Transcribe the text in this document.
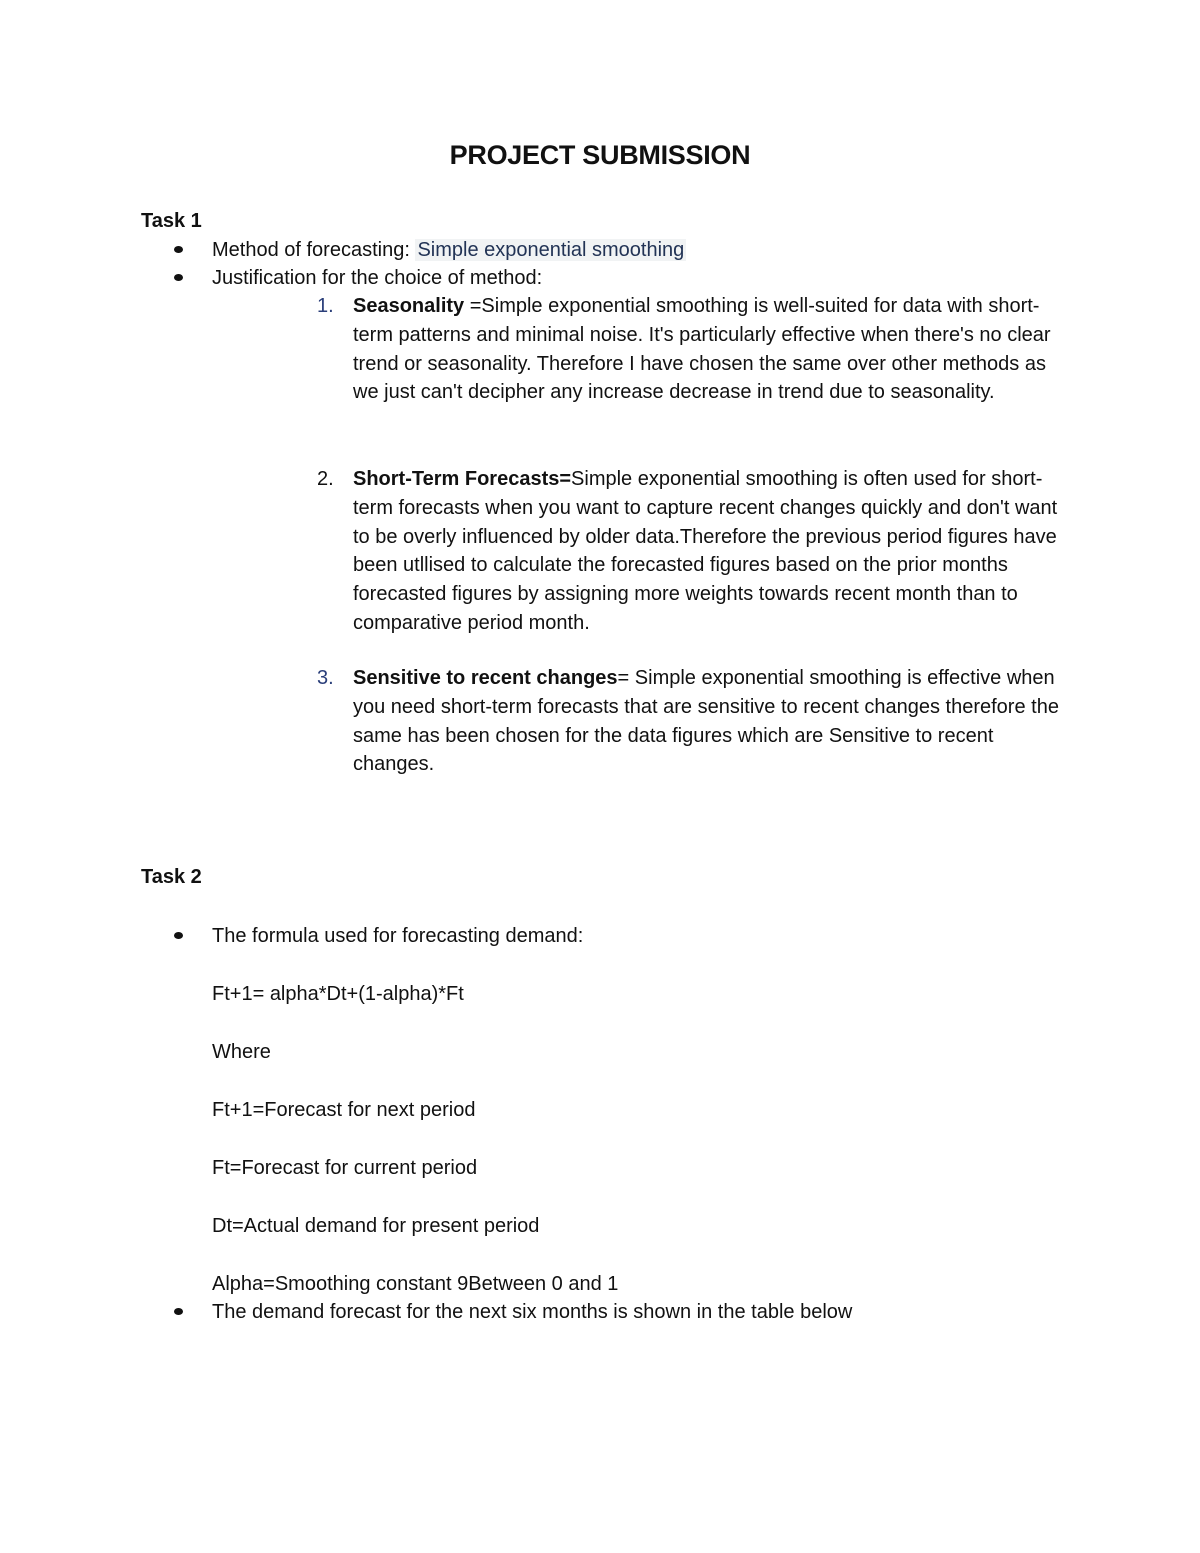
PROJECT SUBMISSION
Task 1
Method of forecasting: Simple exponential smoothing
Justification for the choice of method:
1. Seasonality =Simple exponential smoothing is well-suited for data with short-term patterns and minimal noise. It's particularly effective when there's no clear trend or seasonality. Therefore I have chosen the same over other methods as we just can't decipher any increase decrease in trend due to seasonality.
2. Short-Term Forecasts=Simple exponential smoothing is often used for short-term forecasts when you want to capture recent changes quickly and don't want to be overly influenced by older data.Therefore the previous period figures have been utllised to calculate the forecasted figures based on the prior months forecasted figures by assigning more weights towards recent month than to comparative period month.
3. Sensitive to recent changes= Simple exponential smoothing is effective when you need short-term forecasts that are sensitive to recent changes therefore the same has been chosen for the data figures which are Sensitive to recent changes.
Task 2
The formula used for forecasting demand:
Ft+1= alpha*Dt+(1-alpha)*Ft
Where
Ft+1=Forecast for next period
Ft=Forecast for current period
Dt=Actual demand for present period
Alpha=Smoothing constant 9Between 0 and 1
The demand forecast for the next six months is shown in the table below
